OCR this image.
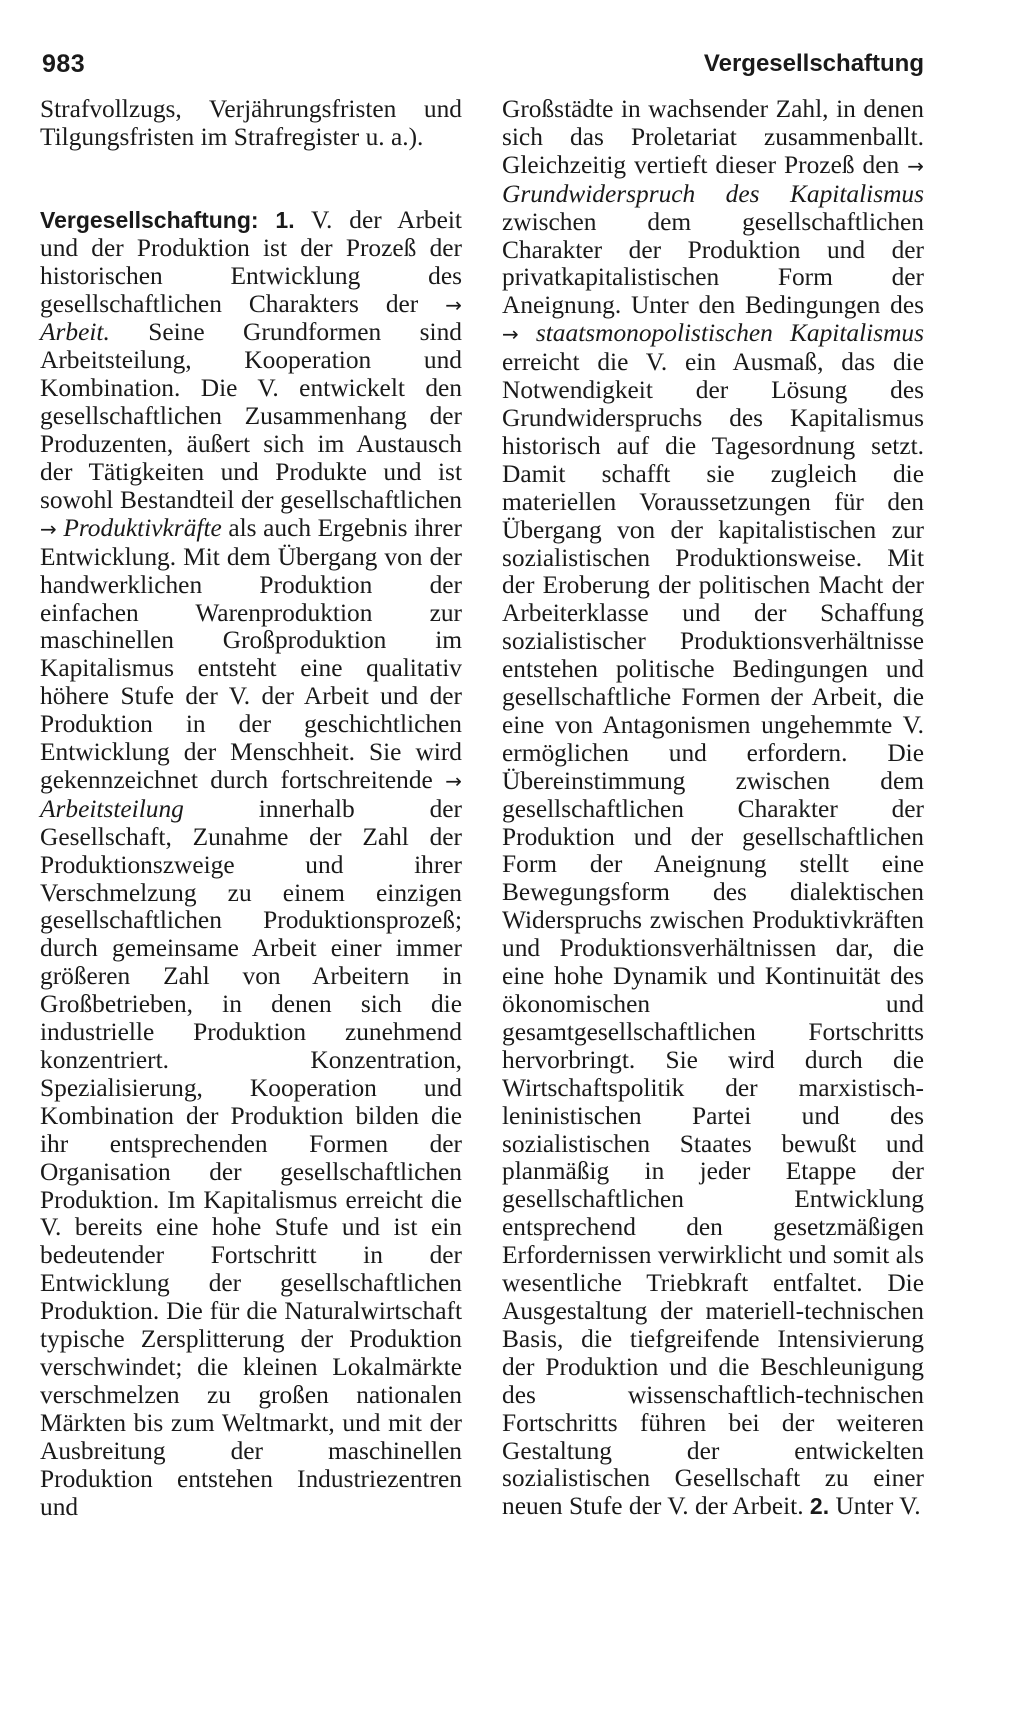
983	Vergesellschaftung

Strafvollzugs, Verjährungsfristen und Tilgungsfristen im Strafregister u. a.).

Vergesellschaftung: 1. V. der Arbeit und der Produktion ist der Prozeß der historischen Entwicklung des gesellschaftlichen Charakters der → Arbeit. Seine Grundformen sind Arbeitsteilung, Kooperation und Kombination. Die V. entwickelt den gesellschaftlichen Zusammenhang der Produzenten, äußert sich im Austausch der Tätigkeiten und Produkte und ist sowohl Bestandteil der gesellschaftlichen → Produktivkräfte als auch Ergebnis ihrer Entwicklung. Mit dem Übergang von der handwerklichen Produktion der einfachen Warenproduktion zur maschinellen Großproduktion im Kapitalismus entsteht eine qualitativ höhere Stufe der V. der Arbeit und der Produktion in der geschichtlichen Entwicklung der Menschheit. Sie wird gekennzeichnet durch fortschreitende → Arbeitsteilung	innerhalb der Gesellschaft, Zunahme der Zahl der Produktionszweige und ihrer Verschmelzung zu einem einzigen gesellschaftlichen Produktionsprozeß; durch gemeinsame Arbeit einer immer größeren Zahl von Arbeitern in Großbetrieben, in denen sich die industrielle Produktion zunehmend konzentriert. Konzentration, Spezialisierung, Kooperation und Kombination der Produktion bilden die ihr entsprechenden Formen der Organisation der gesellschaftlichen Produktion. Im Kapitalismus erreicht die V. bereits eine hohe Stufe und ist ein bedeutender Fortschritt in der Entwicklung der gesellschaftlichen Produktion. Die für die Naturalwirtschaft typische Zersplitterung der Produktion verschwindet; die kleinen Lokalmärkte verschmelzen zu großen nationalen Märkten bis zum Weltmarkt, und mit der Ausbreitung der maschinellen Produktion entstehen Industriezentren und

Großstädte in wachsender Zahl, in denen sich das Proletariat zusammenballt. Gleichzeitig vertieft dieser Prozeß den → Grundwiderspruch des Kapitalismus zwischen dem gesellschaftlichen Charakter der Produktion und der privatkapitalistischen Form der Aneignung. Unter den Bedingungen des → staatsmonopolistischen Kapitalismus erreicht die V. ein Ausmaß, das die Notwendigkeit der Lösung des Grundwiderspruchs des Kapitalismus historisch auf die Tagesordnung setzt. Damit schafft sie zugleich die materiellen Voraussetzungen für den Übergang von der kapitalistischen zur sozialistischen Produktionsweise. Mit der Eroberung der politischen Macht der Arbeiterklasse und der Schaffung sozialistischer Produktionsverhältnisse entstehen politische Bedingungen und gesellschaftliche Formen der Arbeit, die eine von Antagonismen ungehemmte V. ermöglichen und erfordern. Die Übereinstimmung zwischen dem gesellschaftlichen Charakter der Produktion und der gesellschaftlichen Form der Aneignung stellt eine Bewegungsform des dialektischen Widerspruchs zwischen Produktivkräften und Produktionsverhältnissen dar, die eine hohe Dynamik und Kontinuität des ökonomischen und gesamtgesellschaftlichen Fortschritts hervorbringt. Sie wird durch die Wirtschaftspolitik der marxistisch-leninistischen Partei und des sozialistischen Staates bewußt und planmäßig in jeder Etappe der gesellschaftlichen Entwicklung entsprechend den gesetzmäßigen Erfordernissen verwirklicht und somit als wesentliche Triebkraft entfaltet. Die Ausgestaltung der materiell-technischen Basis, die tiefgreifende Intensivierung der Produktion und die Beschleunigung des wissenschaftlich-technischen Fortschritts führen bei der weiteren Gestaltung der entwickelten sozialistischen Gesellschaft zu einer neuen Stufe der V. der Arbeit. 2. Unter V.
